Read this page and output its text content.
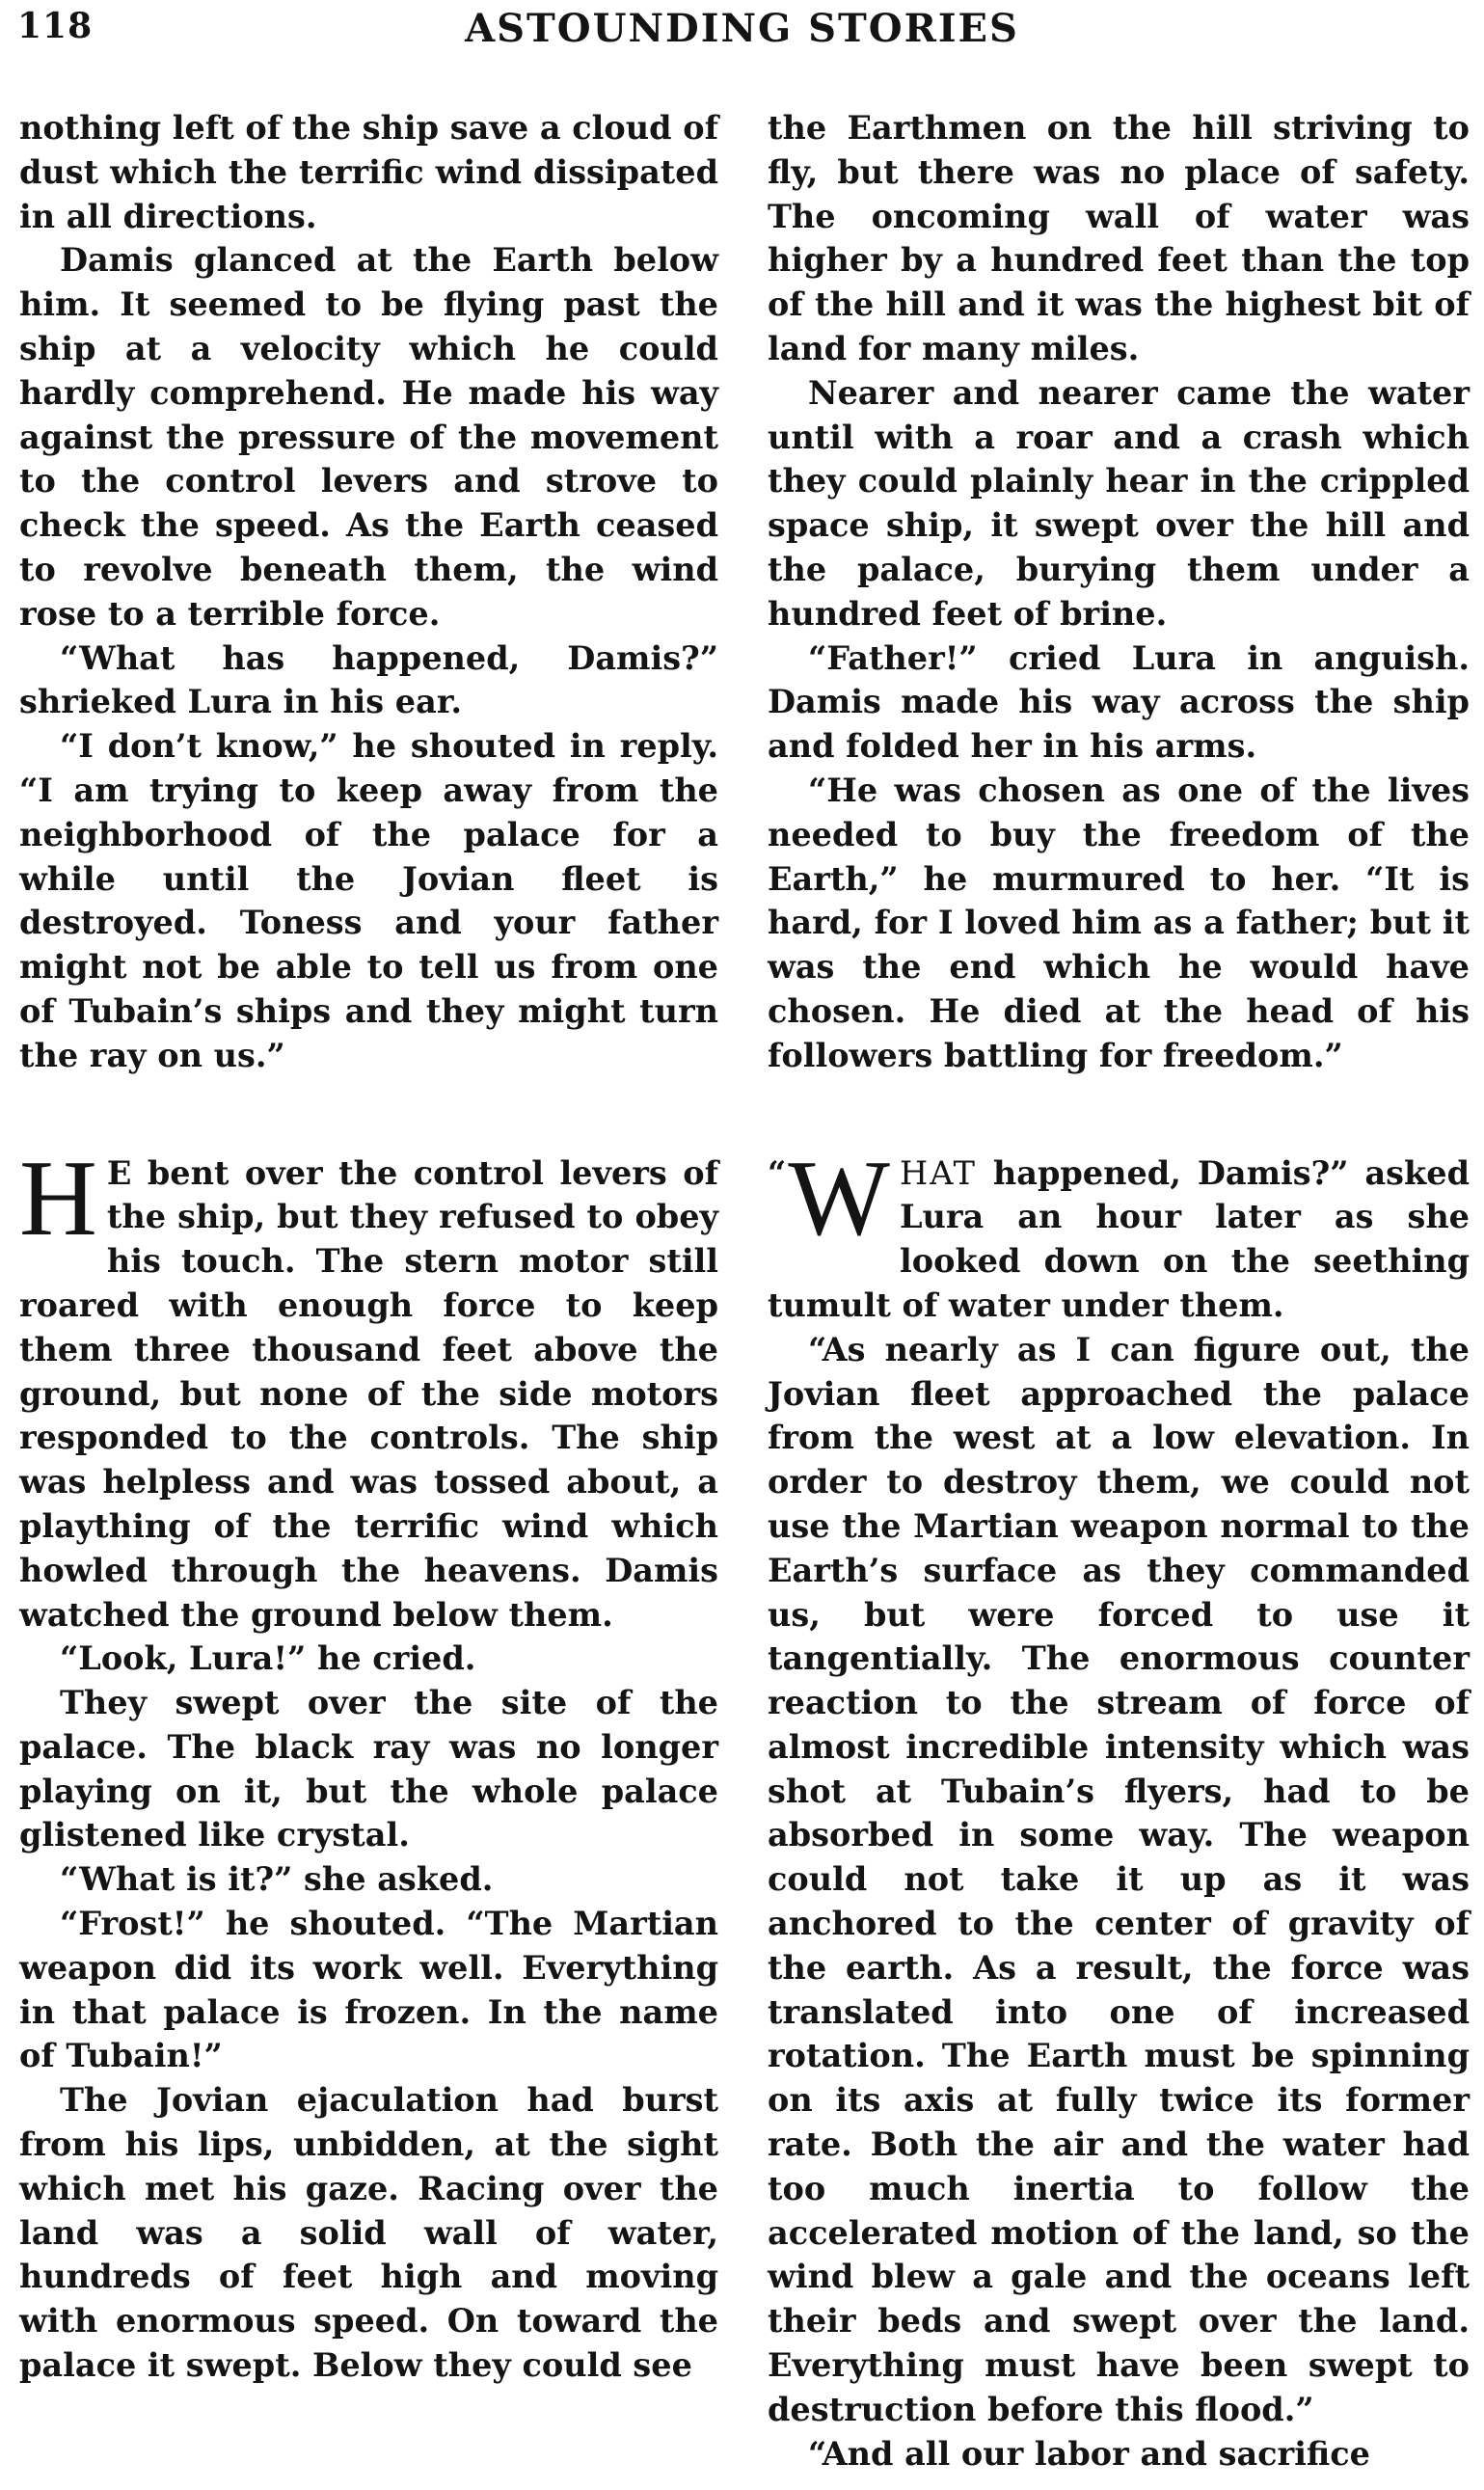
118	ASTOUNDING STORIES

nothing left of the ship save a cloud of dust which the terrific wind dissipated in all directions.

Damis glanced at the Earth below him. It seemed to be flying past the ship at a velocity which he could hardly comprehend. He made his way against the pressure of the movement to the control levers and strove to check the speed. As the Earth ceased to revolve beneath them, the wind rose to a terrible force.

“What has happened, Damis?” shrieked Lura in his ear.

“I don’t know,” he shouted in reply. “I am trying to keep away from the neighborhood of the palace for a while until the Jovian fleet is destroyed. Toness and your father might not be able to tell us from one of Tubain’s ships and they might turn the ray on us.”

H E bent over the control levers of the ship, but they refused to obey his touch. The stern motor still roared with enough force to keep them three thousand feet above the ground, but none of the side motors responded to the controls. The ship was helpless and was tossed about, a plaything of the terrific wind which howled through the heavens. Damis watched the ground below them.

“Look, Lura!” he cried.

They swept over the site of the palace. The black ray was no longer playing on it, but the whole palace glistened like crystal.

“What is it?” she asked.

“Frost!” he shouted. “The Martian weapon did its work well. Everything in that palace is frozen. In the name of Tubain!”

The Jovian ejaculation had burst from his lips, unbidden, at the sight which met his gaze. Racing over the land was a solid wall of water, hundreds of feet high and moving with enormous speed. On toward the palace it swept. Below they could see

the Earthmen on the hill striving to fly, but there was no place of safety. The oncoming wall of water was higher by a hundred feet than the top of the hill and it was the highest bit of land for many miles.

Nearer and nearer came the water until with a roar and a crash which they could plainly hear in the crippled space ship, it swept over the hill and the palace, burying them under a hundred feet of brine.

“Father!” cried Lura in anguish. Damis made his way across the ship and folded her in his arms.

“He was chosen as one of the lives needed to buy the freedom of the Earth,” he murmured to her. “It is hard, for I loved him as a father; but it was the end which he would have chosen. He died at the head of his followers battling for freedom.”

“ W HAT happened, Damis?” asked Lura an hour later as she looked down on the seething tumult of water under them.

“As nearly as I can figure out, the Jovian fleet approached the palace from the west at a low elevation. In order to destroy them, we could not use the Martian weapon normal to the Earth’s surface as they commanded us, but were forced to use it tangentially. The enormous counter reaction to the stream of force of almost incredible intensity which was shot at Tubain’s flyers, had to be absorbed in some way. The weapon could not take it up as it was anchored to the center of gravity of the earth. As a result, the force was translated into one of increased rotation. The Earth must be spinning on its axis at fully twice its former rate. Both the air and the water had too much inertia to follow the accelerated motion of the land, so the wind blew a gale and the oceans left their beds and swept over the land. Everything must have been swept to destruction before this flood.”

“And all our labor and sacrifice
